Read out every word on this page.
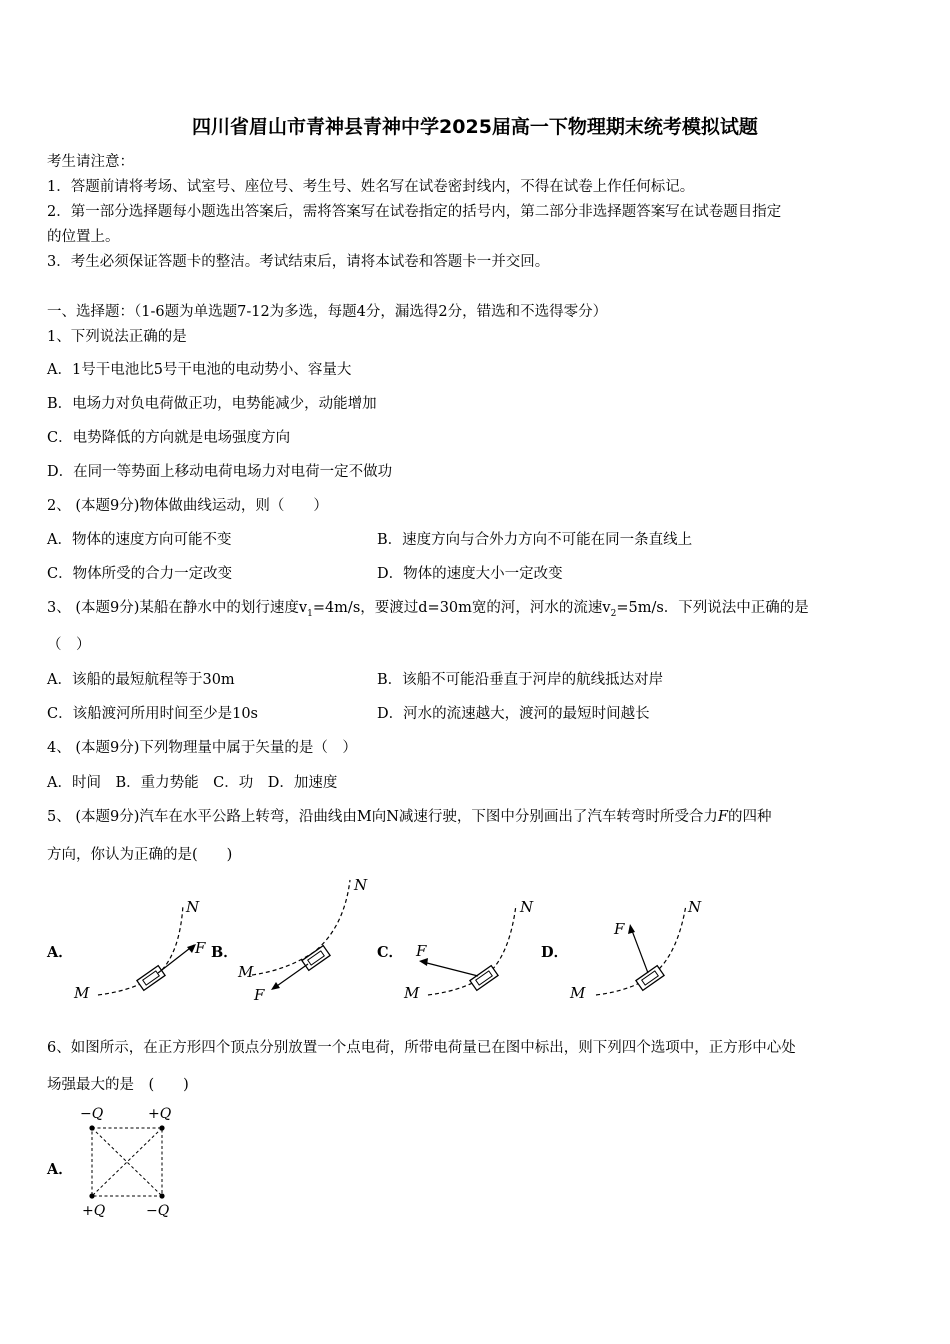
四川省眉山市青神县青神中学2025届高一下物理期末统考模拟试题
考生请注意：
1．答题前请将考场、试室号、座位号、考生号、姓名写在试卷密封线内，不得在试卷上作任何标记。
2．第一部分选择题每小题选出答案后，需将答案写在试卷指定的括号内，第二部分非选择题答案写在试卷题目指定
的位置上。
3．考生必须保证答题卡的整洁。考试结束后，请将本试卷和答题卡一并交回。
一、选择题：（1-6题为单选题7-12为多选，每题4分，漏选得2分，错选和不选得零分）
1、下列说法正确的是
A．1号干电池比5号干电池的电动势小、容量大
B．电场力对负电荷做正功，电势能减少，动能增加
C．电势降低的方向就是电场强度方向
D．在同一等势面上移动电荷电场力对电荷一定不做功
2、 (本题9分)物体做曲线运动，则（　　）
A．物体的速度方向可能不变	B．速度方向与合外力方向不可能在同一条直线上
C．物体所受的合力一定改变	D．物体的速度大小一定改变
3、 (本题9分)某船在静水中的划行速度$v_1=4m/s$，要渡过d=30m宽的河，河水的流速$v_2=5m/s$．下列说法中正确的是
（　）
A．该船的最短航程等于30m	B．该船不可能沿垂直于河岸的航线抵达对岸
C．该船渡河所用时间至少是10s	D．河水的流速越大，渡河的最短时间越长
4、 (本题9分)下列物理量中属于矢量的是（　）
A．时间　B．重力势能　C．功　D．加速度
5、 (本题9分)汽车在水平公路上转弯，沿曲线由M向N减速行驶，下图中分别画出了汽车转弯时所受合力F的四种
方向，你认为正确的是(　　)
A．	B．	C．	D．
M
N
F
M
N
F	M
N
F
M
N
F
6、如图所示，在正方形四个顶点分别放置一个点电荷，所带电荷量已在图中标出，则下列四个选项中，正方形中心处
场强最大的是　(　　)
A．
−Q	+Q
+Q	−Q
